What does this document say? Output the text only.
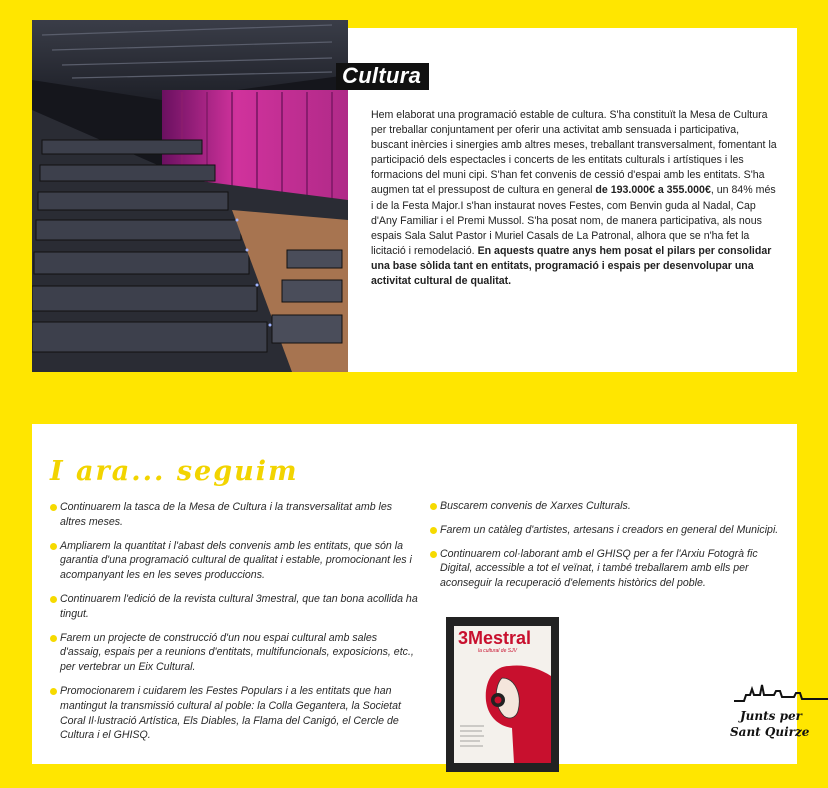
Cultura
Hem elaborat una programació estable de cultura. S'ha constituït la Mesa de Cultura per treballar conjuntament per oferir una activitat amb sensuada i participativa, buscant inèrcies i sinergies amb altres meses, treballant transversalment, fomentant la participació dels espectacles i concerts de les entitats culturals i artístiques i les formacions del muni cipi. S'han fet convenis de cessió d'espai amb les entitats. S'ha augmen tat el pressupost de cultura en general de 193.000€ a 355.000€, un 84% més i de la Festa Major.I s'han instaurat noves Festes, com Benvin guda al Nadal, Cap d'Any Familiar i el Premi Mussol. S'ha posat nom, de manera participativa, als nous espais Sala Salut Pastor i Muriel Casals de La Patronal, alhora que se n'ha fet la licitació i remodelació. En aquests quatre anys hem posat el pilars per consolidar una base sòlida tant en entitats, programació i espais per desenvolupar una activitat cultural de qualitat.
I ara... seguim
Continuarem la tasca de la Mesa de Cultura i la transversalitat amb les altres meses.
Ampliarem la quantitat i l'abast dels convenis amb les entitats, que són la garantia d'una programació cultural de qualitat i estable, promocionant les i acompanyant les en les seves produccions.
Continuarem l'edició de la revista cultural 3mestral, que tan bona acollida ha tingut.
Farem un projecte de construcció d'un nou espai cultural amb sales d'assaig, espais per a reunions d'entitats, multifuncionals, exposicions, etc., per vertebrar un Eix Cultural.
Promocionarem i cuidarem les Festes Populars i a les entitats que han mantingut la transmissió cultural al poble: la Colla Gegantera, la Societat Coral Il·lustració Artística, Els Diables, la Flama del Canigó, el Cercle de Cultura i el GHISQ.
Buscarem convenis de Xarxes Culturals.
Farem un catàleg d'artistes, artesans i creadors en general del Municipi.
Continuarem col·laborant amb el GHISQ per a fer l'Arxiu Fotogrà fic Digital, accessible a tot el veïnat, i també treballarem amb ells per aconseguir la recuperació d'elements històrics del poble.
3Mestral
la cultural de SJV
Junts per
Sant Quirze
